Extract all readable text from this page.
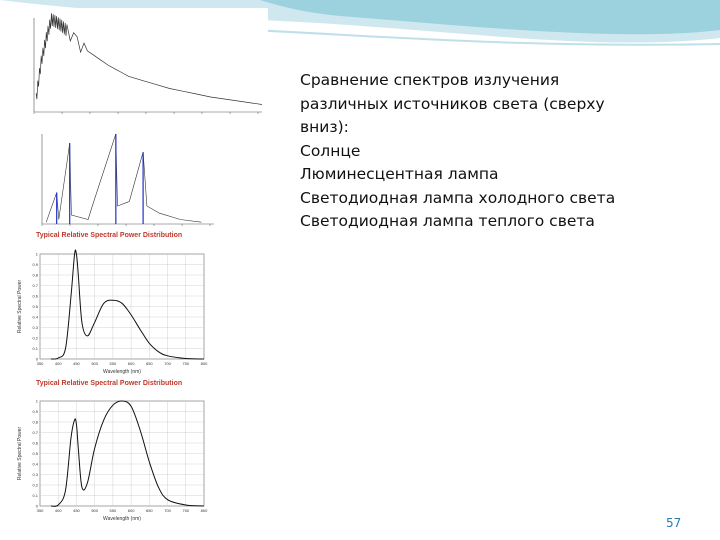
Typical Relative Spectral Power Distribution
0
0.1
0.2
0.3
0.4
0.5
0.6
0.7
0.8
0.9
1
350	400	450	500	550	600	650	700	750	800
Wavelength (nm)
Relative Spectral Power
Typical Relative Spectral Power Distribution
0
0.1
0.2
0.3
0.4
0.5
0.6
0.7
0.8
0.9
1
350	400	450	500	550	600	650	700	750	800
Wavelength (nm)
Relative Spectral Power
Сравнение спектров излучения
различных источников света (сверху
вниз):
Солнце
Люминесцентная лампа
Светодиодная лампа холодного света
Светодиодная лампа теплого света
57
